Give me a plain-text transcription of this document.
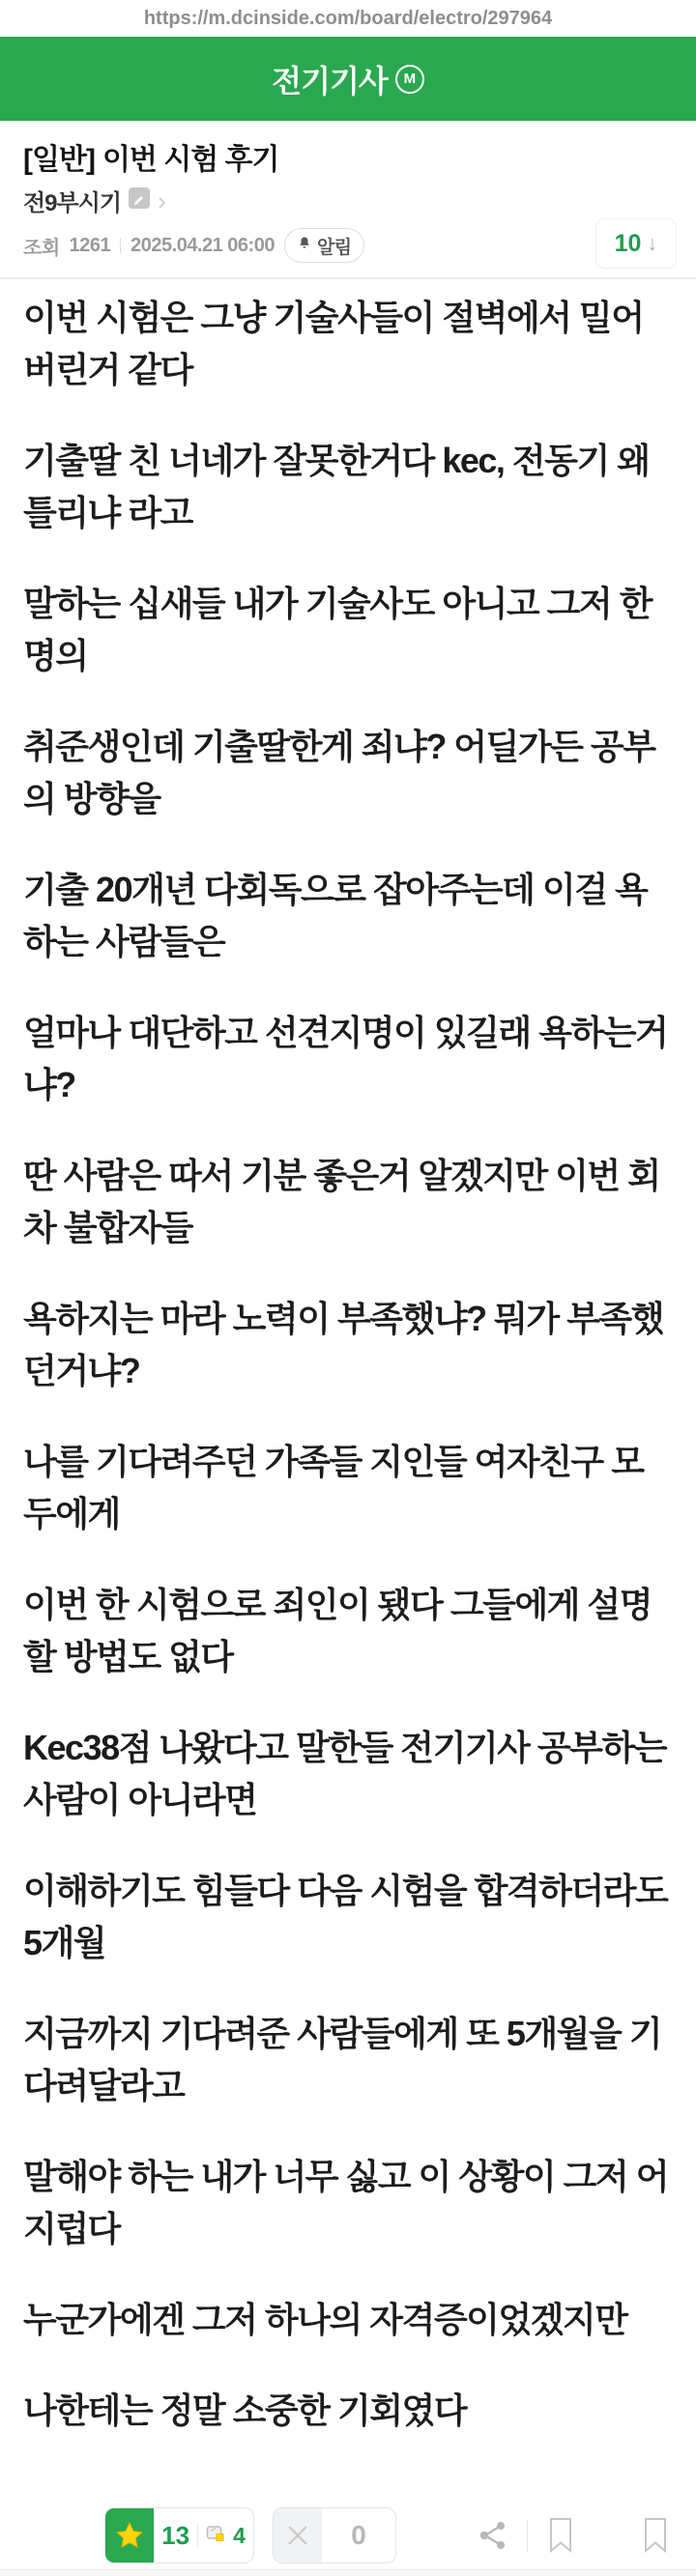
https://m.dcinside.com/board/electro/297964
전기기사	M
[일반] 이번 시험 후기
전9부시기 ›
조회 1261 2025.04.21 06:00 알림	10 ↓

이번 시험은 그냥 기술사들이 절벽에서 밀어버린거 같다

기출딸 친 너네가 잘못한거다 kec, 전동기 왜 틀리냐 라고

말하는 십새들 내가 기술사도 아니고 그저 한명의

취준생인데 기출딸한게 죄냐? 어딜가든 공부의 방향을

기출 20개년 다회독으로 잡아주는데 이걸 욕하는 사람들은

얼마나 대단하고 선견지명이 있길래 욕하는거냐?

딴 사람은 따서 기분 좋은거 알겠지만 이번 회차 불합자들

욕하지는 마라 노력이 부족했냐? 뭐가 부족했던거냐?

나를 기다려주던 가족들 지인들 여자친구 모두에게

이번 한 시험으로 죄인이 됐다 그들에게 설명할 방법도 없다

Kec38점 나왔다고 말한들 전기기사 공부하는 사람이 아니라면

이해하기도 힘들다 다음 시험을 합격하더라도 5개월

지금까지 기다려준 사람들에게 또 5개월을 기다려달라고

말해야 하는 내가 너무 싫고 이 상황이 그저 어지럽다

누군가에겐 그저 하나의 자격증이었겠지만

나한테는 정말 소중한 기회였다

13 4	0
